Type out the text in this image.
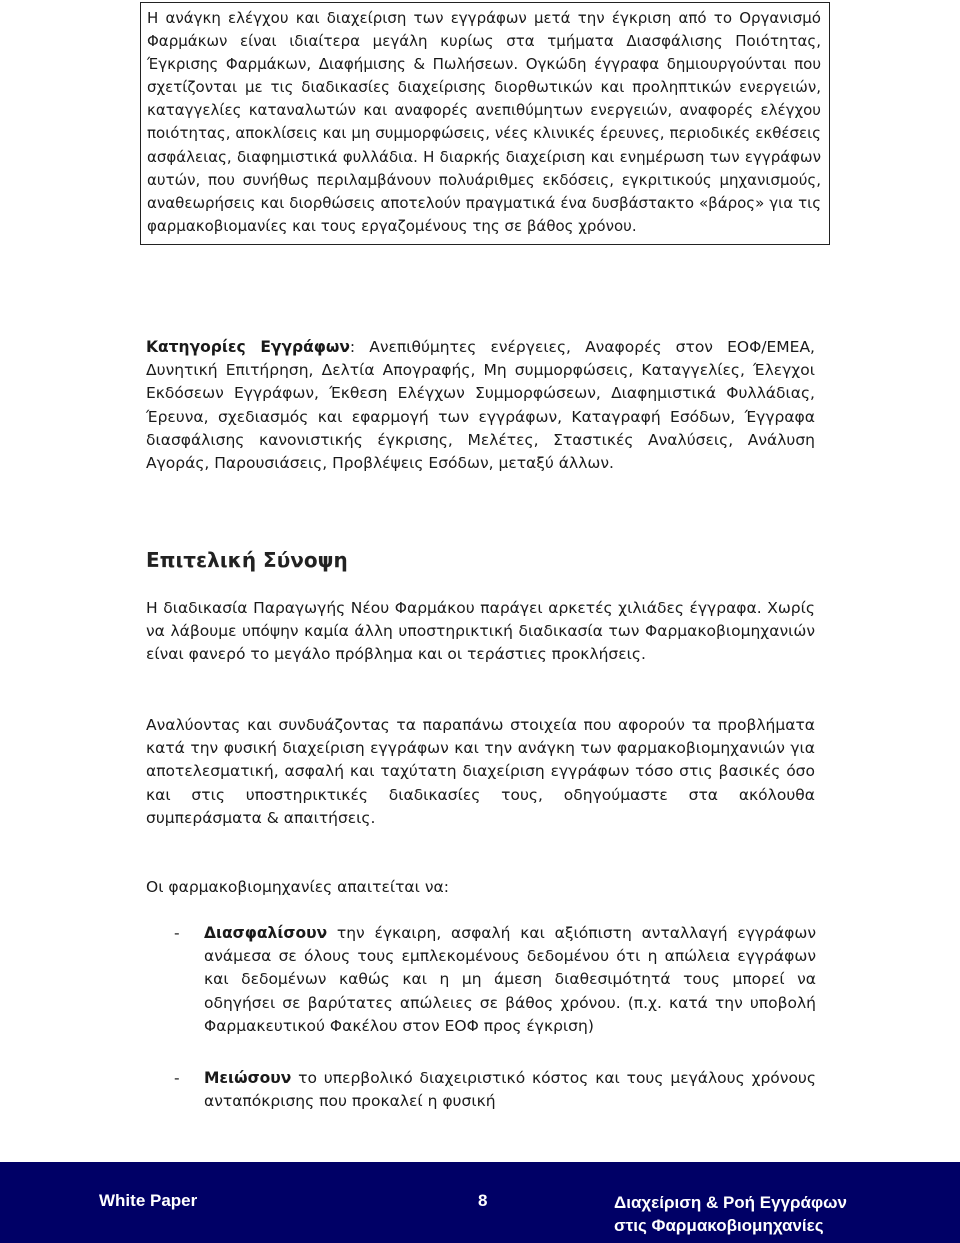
Η ανάγκη ελέγχου και διαχείριση των εγγράφων μετά την έγκριση από το Οργανισμό Φαρμάκων είναι ιδιαίτερα μεγάλη κυρίως στα τμήματα Διασφάλισης Ποιότητας, Έγκρισης Φαρμάκων, Διαφήμισης & Πωλήσεων. Ογκώδη έγγραφα δημιουργούνται που σχετίζονται με τις διαδικασίες διαχείρισης διορθωτικών και προληπτικών ενεργειών, καταγγελίες καταναλωτών και αναφορές ανεπιθύμητων ενεργειών, αναφορές ελέγχου ποιότητας, αποκλίσεις και μη συμμορφώσεις, νέες κλινικές έρευνες, περιοδικές εκθέσεις ασφάλειας, διαφημιστικά φυλλάδια. Η διαρκής διαχείριση και ενημέρωση των εγγράφων αυτών, που συνήθως περιλαμβάνουν πολυάριθμες εκδόσεις, εγκριτικούς μηχανισμούς, αναθεωρήσεις και διορθώσεις αποτελούν πραγματικά ένα δυσβάστακτο «βάρος» για τις φαρμακοβιομανίες και τους εργαζομένους της σε βάθος χρόνου.

Κατηγορίες Εγγράφων: Ανεπιθύμητες ενέργειες, Αναφορές στον ΕΟΦ/ΕΜΕΑ, Δυνητική Επιτήρηση, Δελτία Απογραφής, Μη συμμορφώσεις, Καταγγελίες, Έλεγχοι Εκδόσεων Εγγράφων, Έκθεση Ελέγχων Συμμορφώσεων, Διαφημιστικά Φυλλάδιας, Έρευνα, σχεδιασμός και εφαρμογή των εγγράφων, Καταγραφή Εσόδων, Έγγραφα διασφάλισης κανονιστικής έγκρισης, Μελέτες, Σταστικές Αναλύσεις, Ανάλυση Αγοράς, Παρουσιάσεις, Προβλέψεις Εσόδων, μεταξύ άλλων.

Επιτελική Σύνοψη

Η διαδικασία Παραγωγής Νέου Φαρμάκου παράγει αρκετές χιλιάδες έγγραφα. Χωρίς να λάβουμε υπόψην καμία άλλη υποστηρικτική διαδικασία των Φαρμακοβιομηχανιών είναι φανερό το μεγάλο πρόβλημα και οι τεράστιες προκλήσεις.

Αναλύοντας και συνδυάζοντας τα παραπάνω στοιχεία που αφορούν τα προβλήματα κατά την φυσική διαχείριση εγγράφων και την ανάγκη των φαρμακοβιομηχανιών για αποτελεσματική, ασφαλή και ταχύτατη διαχείριση εγγράφων τόσο στις βασικές όσο και στις υποστηρικτικές διαδικασίες τους, οδηγούμαστε στα ακόλουθα συμπεράσματα & απαιτήσεις.

Οι φαρμακοβιομηχανίες απαιτείται να:

- Διασφαλίσουν την έγκαιρη, ασφαλή και αξιόπιστη ανταλλαγή εγγράφων ανάμεσα σε όλους τους εμπλεκομένους δεδομένου ότι η απώλεια εγγράφων και δεδομένων καθώς και η μη άμεση διαθεσιμότητά τους μπορεί να οδηγήσει σε βαρύτατες απώλειες σε βάθος χρόνου. (π.χ. κατά την υποβολή Φαρμακευτικού Φακέλου στον ΕΟΦ προς έγκριση)
- Μειώσουν το υπερβολικό διαχειριστικό κόστος και τους μεγάλους χρόνους ανταπόκρισης που προκαλεί η φυσική
White Paper	8	Διαχείριση & Ροή Εγγράφων
στις Φαρμακοβιομηχανίες
